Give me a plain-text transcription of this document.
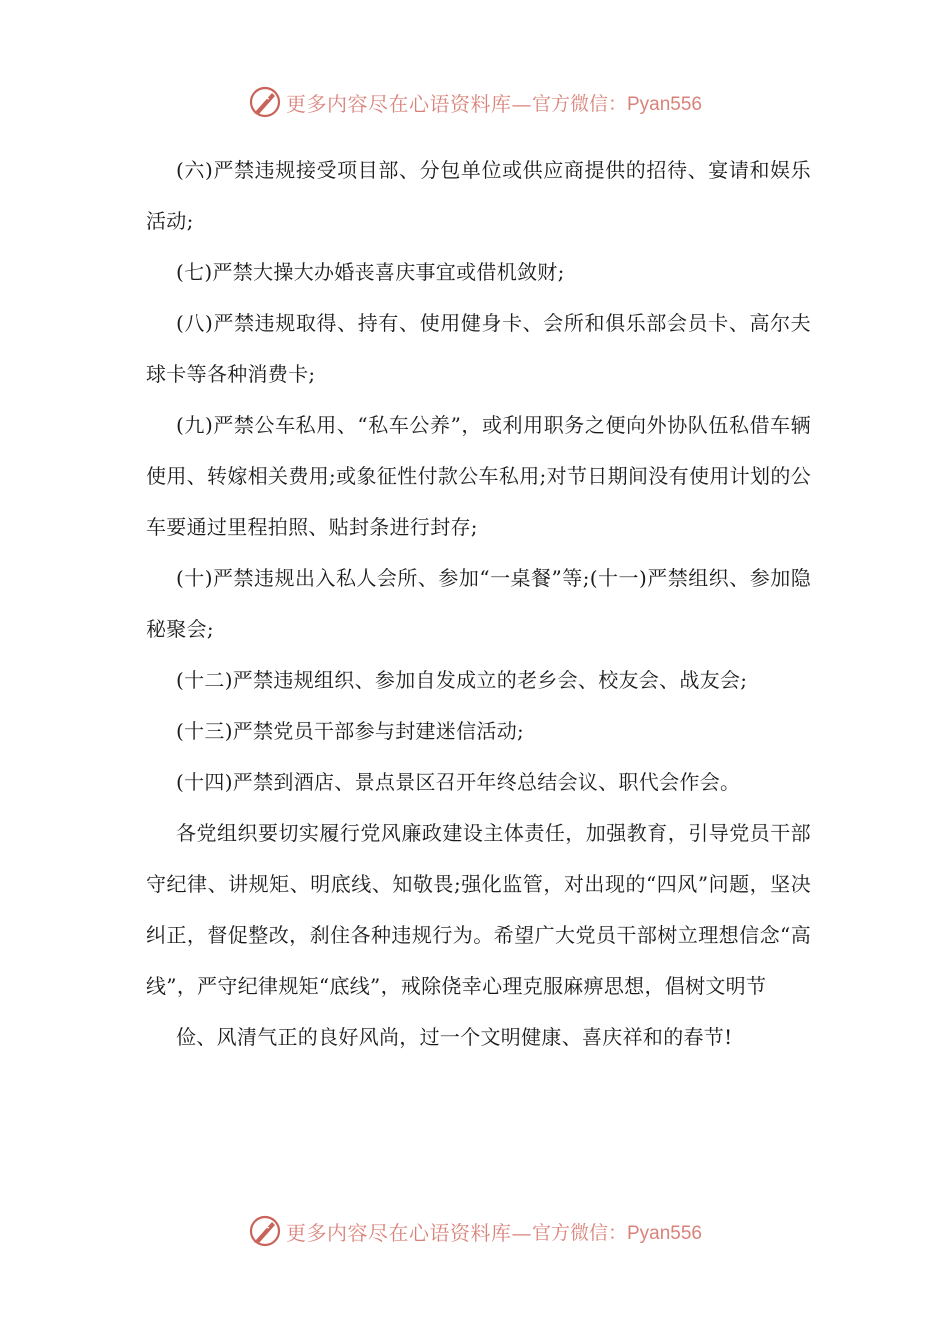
更多内容尽在心语资料库— 官方微信：Pyan556

(六)严禁违规接受项目部、分包单位或供应商提供的招待、宴请和娱乐活动;

(七)严禁大操大办婚丧喜庆事宜或借机敛财;

(八)严禁违规取得、持有、使用健身卡、会所和俱乐部会员卡、高尔夫球卡等各种消费卡;

(九)严禁公车私用、“私车公养”，或利用职务之便向外协队伍私借车辆使用、转嫁相关费用;或象征性付款公车私用;对节日期间没有使用计划的公车要通过里程拍照、贴封条进行封存;

(十)严禁违规出入私人会所、参加“一桌餐”等;(十一)严禁组织、参加隐秘聚会;

(十二)严禁违规组织、参加自发成立的老乡会、校友会、战友会;

(十三)严禁党员干部参与封建迷信活动;

(十四)严禁到酒店、景点景区召开年终总结会议、职代会作会。

各党组织要切实履行党风廉政建设主体责任，加强教育，引导党员干部守纪律、讲规矩、明底线、知敬畏;强化监管，对出现的“四风”问题，坚决纠正，督促整改，刹住各种违规行为。希望广大党员干部树立理想信念“高线”，严守纪律规矩“底线”，戒除侥幸心理克服麻痹思想，倡树文明节

俭、风清气正的良好风尚，过一个文明健康、喜庆祥和的春节!

更多内容尽在心语资料库— 官方微信：Pyan556
